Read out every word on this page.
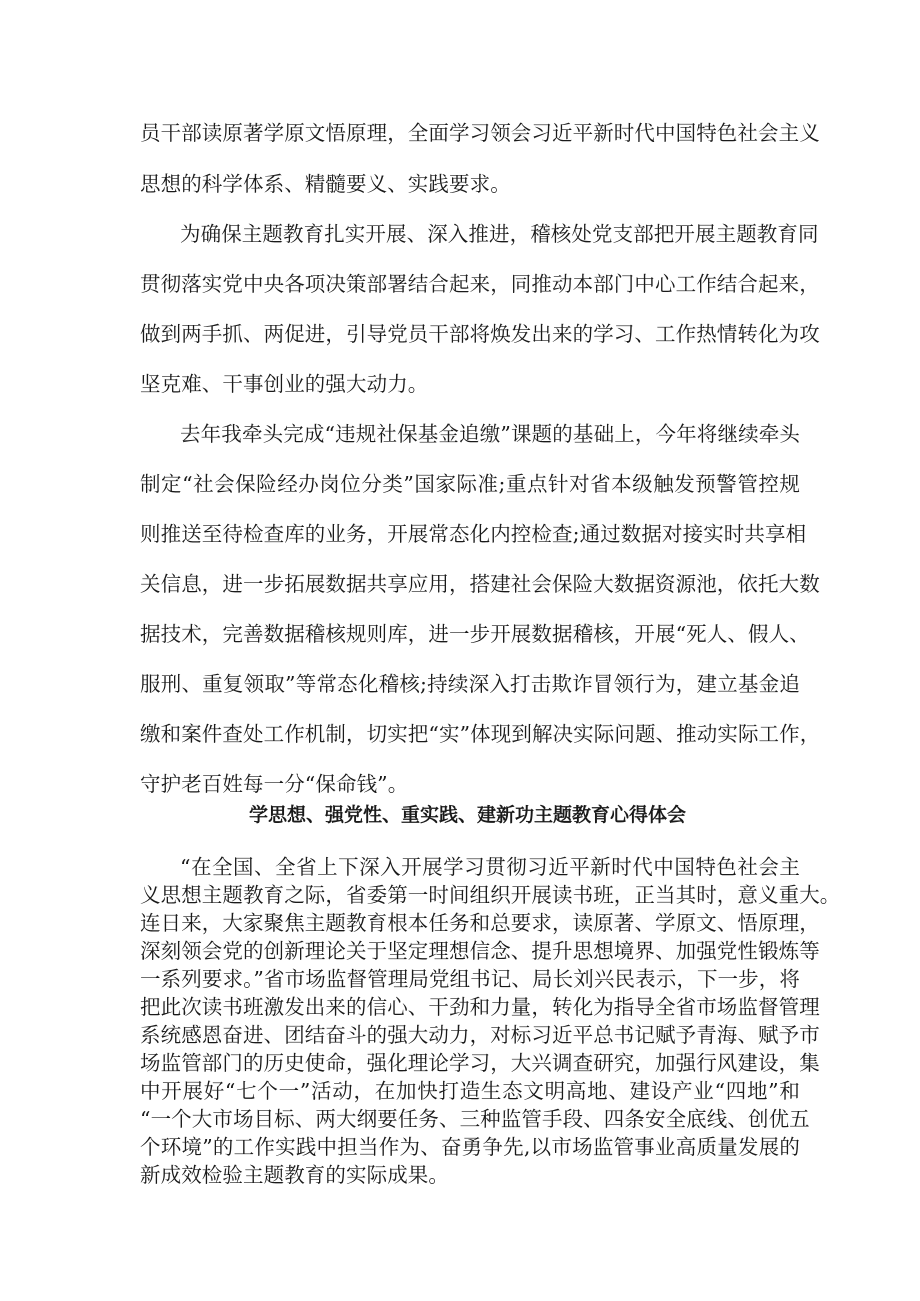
员干部读原著学原文悟原理，全面学习领会习近平新时代中国特色社会主义
思想的科学体系、精髓要义、实践要求。
为确保主题教育扎实开展、深入推进，稽核处党支部把开展主题教育同
贯彻落实党中央各项决策部署结合起来，同推动本部门中心工作结合起来，
做到两手抓、两促进，引导党员干部将焕发出来的学习、工作热情转化为攻
坚克难、干事创业的强大动力。
去年我牵头完成“违规社保基金追缴”课题的基础上，今年将继续牵头
制定“社会保险经办岗位分类”国家际准;重点针对省本级触发预警管控规
则推送至待检查库的业务，开展常态化内控检查;通过数据对接实时共享相
关信息，进一步拓展数据共享应用，搭建社会保险大数据资源池，依托大数
据技术，完善数据稽核规则库，进一步开展数据稽核，开展“死人、假人、
服刑、重复领取”等常态化稽核;持续深入打击欺诈冒领行为，建立基金追
缴和案件查处工作机制，切实把“实”体现到解决实际问题、推动实际工作，
守护老百姓每一分“保命钱”。
学思想、强党性、重实践、建新功主题教育心得体会
“在全国、全省上下深入开展学习贯彻习近平新时代中国特色社会主
义思想主题教育之际，省委第一时间组织开展读书班，正当其时，意义重大。
连日来，大家聚焦主题教育根本任务和总要求，读原著、学原文、悟原理，
深刻领会党的创新理论关于坚定理想信念、提升思想境界、加强党性锻炼等
一系列要求。”省市场监督管理局党组书记、局长刘兴民表示，下一步，将
把此次读书班激发出来的信心、干劲和力量，转化为指导全省市场监督管理
系统感恩奋进、团结奋斗的强大动力，对标习近平总书记赋予青海、赋予市
场监管部门的历史使命，强化理论学习，大兴调查研究，加强行风建设，集
中开展好“七个一”活动，在加快打造生态文明高地、建设产业“四地”和
“一个大市场目标、两大纲要任务、三种监管手段、四条安全底线、创优五
个环境”的工作实践中担当作为、奋勇争先,以市场监管事业高质量发展的
新成效检验主题教育的实际成果。
